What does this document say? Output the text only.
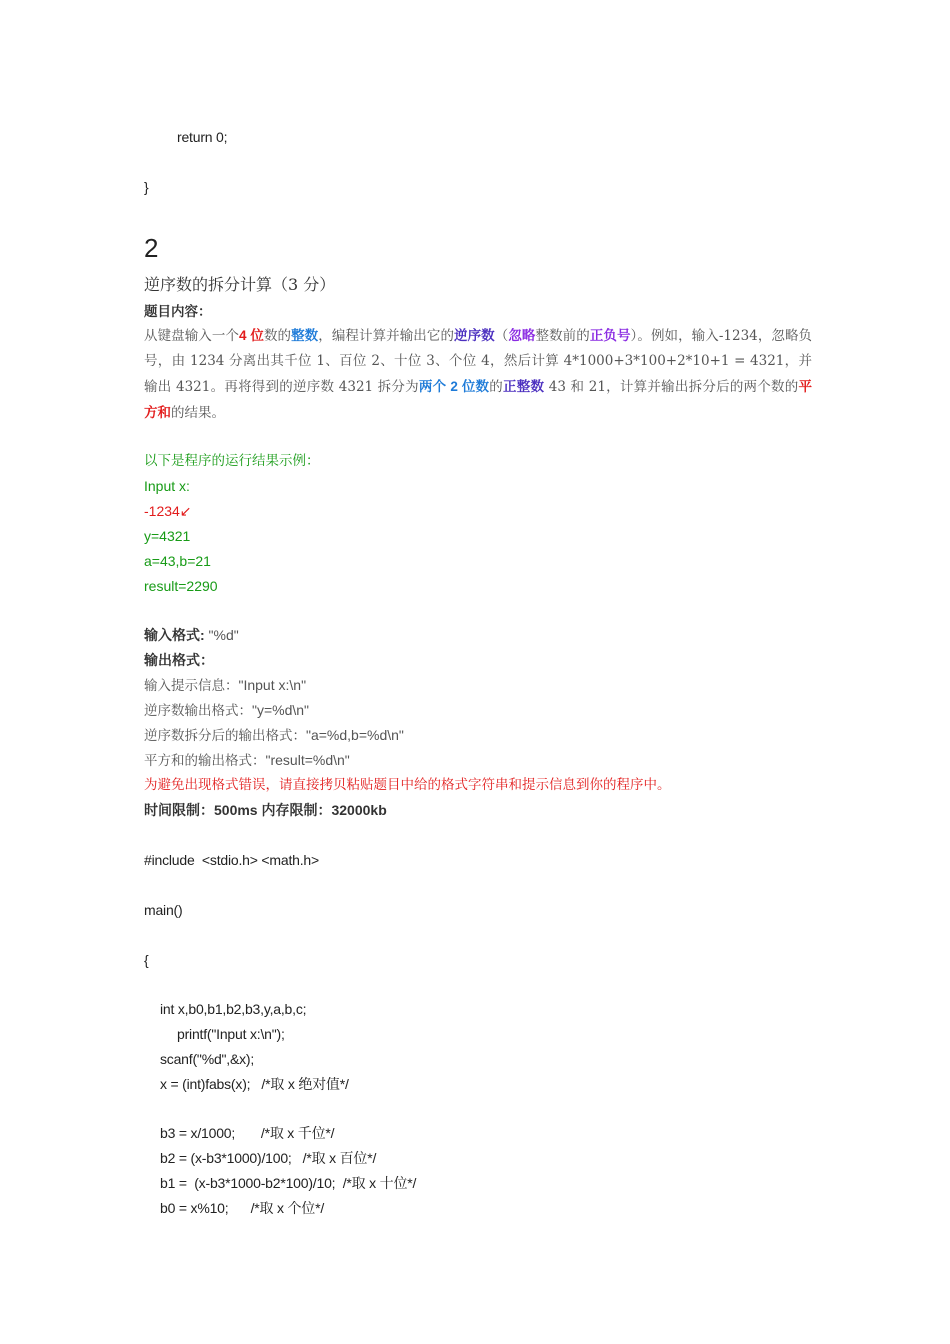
return 0;
}
2
逆序数的拆分计算（3 分）
题目内容：
从键盘输入一个4 位数的整数，编程计算并输出它的逆序数（忽略整数前的正负号）。例如，输入-1234，忽略负号，由 1234 分离出其千位 1、百位 2、十位 3、个位 4，然后计算 4*1000+3*100+2*10+1 = 4321，并输出 4321。再将得到的逆序数 4321 拆分为两个 2 位数的正整数 43 和 21，计算并输出拆分后的两个数的平方和的结果。
以下是程序的运行结果示例：
Input x:
-1234↙
y=4321
a=43,b=21
result=2290
输入格式: "%d"
输出格式：
输入提示信息："Input x:\n"
逆序数输出格式："y=%d\n"
逆序数拆分后的输出格式："a=%d,b=%d\n"
平方和的输出格式："result=%d\n"
为避免出现格式错误，请直接拷贝粘贴题目中给的格式字符串和提示信息到你的程序中。
时间限制：500ms 内存限制：32000kb
#include  <stdio.h> <math.h>
main()
{
int x,b0,b1,b2,b3,y,a,b,c;
printf("Input x:\n");
scanf("%d",&x);
x = (int)fabs(x);   /*取 x 绝对值*/
b3 = x/1000;       /*取 x 千位*/
b2 = (x-b3*1000)/100;   /*取 x 百位*/
b1 =  (x-b3*1000-b2*100)/10;  /*取 x 十位*/
b0 = x%10;      /*取 x 个位*/
